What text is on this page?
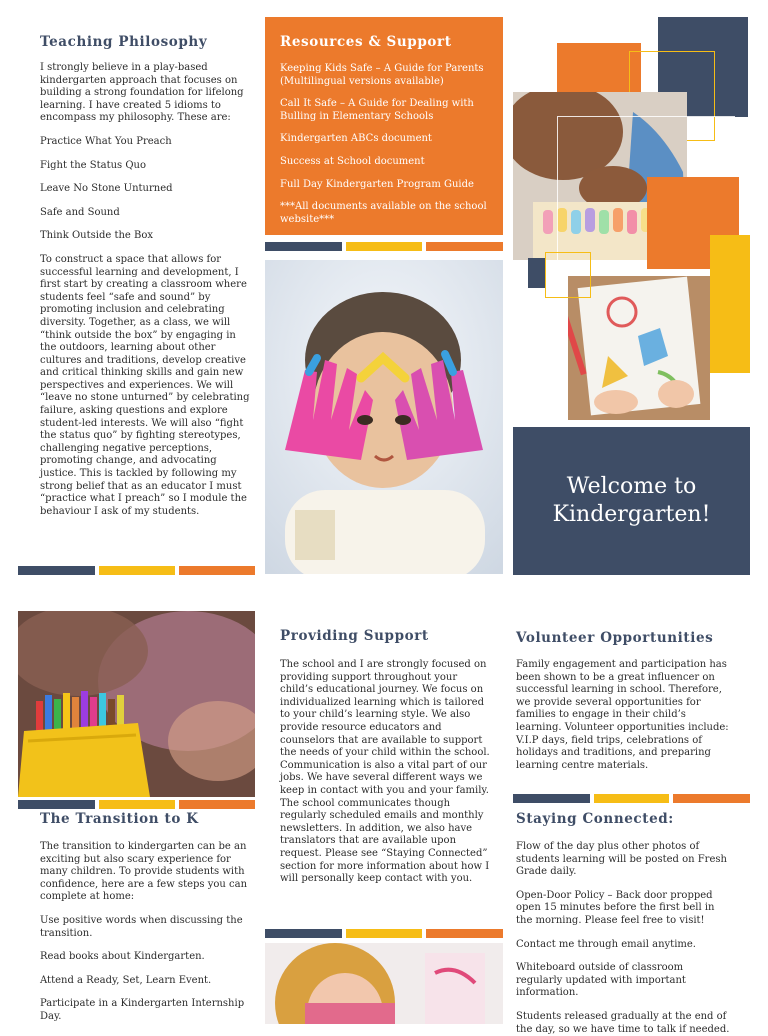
Teaching Philosophy

I strongly believe in a play-based kindergarten approach that focuses on building a strong foundation for lifelong learning. I have created 5 idioms to encompass my philosophy. These are:

Practice What You Preach

Fight the Status Quo

Leave No Stone Unturned

Safe and Sound

Think Outside the Box

To construct a space that allows for successful learning and development, I first start by creating a classroom where students feel “safe and sound” by promoting inclusion and celebrating diversity. Together, as a class, we will “think outside the box” by engaging in the outdoors, learning about other cultures and traditions, develop creative and critical thinking skills and gain new perspectives and experiences. We will “leave no stone unturned” by celebrating failure, asking questions and explore student-led interests. We will also “fight the status quo” by fighting stereotypes, challenging negative perceptions, promoting change, and advocating justice. This is tackled by following my strong belief that as an educator I must “practice what I preach” so I module the behaviour I ask of my students.

Resources & Support

Keeping Kids Safe – A Guide for Parents (Multilingual versions available)

Call It Safe – A Guide for Dealing with Bulling in Elementary Schools

Kindergarten ABCs document

Success at School document

Full Day Kindergarten Program Guide

***All documents available on the school website***

Welcome to
Kindergarten!
The Transition to K

The transition to kindergarten can be an exciting but also scary experience for many children. To provide students with confidence, here are a few steps you can complete at home:

Use positive words when discussing the transition.

Read books about Kindergarten.

Attend a Ready, Set, Learn Event.

Participate in a Kindergarten Internship Day.

Providing Support

The school and I are strongly focused on providing support throughout your child’s educational journey. We focus on individualized learning which is tailored to your child’s learning style. We also provide resource educators and counselors that are available to support the needs of your child within the school. Communication is also a vital part of our jobs. We have several different ways we keep in contact with you and your family. The school communicates though regularly scheduled emails and monthly newsletters. In addition, we also have translators that are available upon request. Please see “Staying Connected” section for more information about how I will personally keep contact with you.

Volunteer Opportunities

Family engagement and participation has been shown to be a great influencer on successful learning in school. Therefore, we provide several opportunities for families to engage in their child’s learning. Volunteer opportunities include: V.I.P days, field trips, celebrations of holidays and traditions, and preparing learning centre materials.

Staying Connected:

Flow of the day plus other photos of students learning will be posted on Fresh Grade daily.

Open-Door Policy – Back door propped open 15 minutes before the first bell in the morning. Please feel free to visit!

Contact me through email anytime.

Whiteboard outside of classroom regularly updated with important information.

Students released gradually at the end of the day, so we have time to talk if needed.
